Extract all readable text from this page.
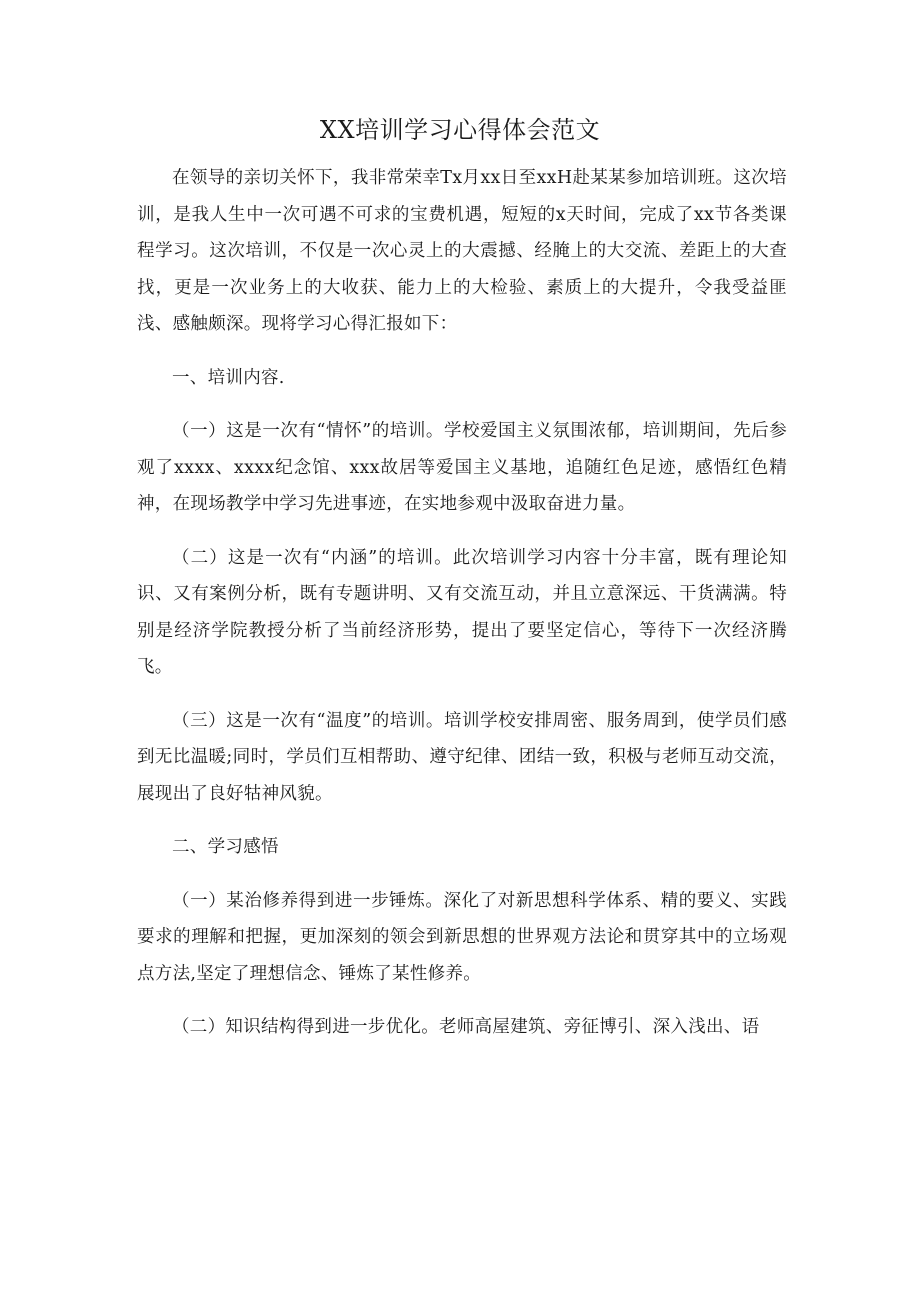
XX培训学习心得体会范文

在领导的亲切关怀下，我非常荣幸Tx月xx日至xxH赴某某参加培训班。这次培训，是我人生中一次可遇不可求的宝费机遇，短短的x天时间，完成了xx节各类课程学习。这次培训，不仅是一次心灵上的大震撼、经腌上的大交流、差距上的大查找，更是一次业务上的大收获、能力上的大检验、素质上的大提升，令我受益匪浅、感触颇深。现将学习心得汇报如下：

一、培训内容.

（一）这是一次有“情怀”的培训。学校爱国主义氛围浓郁，培训期间，先后参观了xxxx、xxxx纪念馆、xxx故居等爱国主义基地，追随红色足迹，感悟红色精神，在现场教学中学习先进事迹，在实地参观中汲取奋进力量。

（二）这是一次有“内涵”的培训。此次培训学习内容十分丰富，既有理论知识、又有案例分析，既有专题讲明、又有交流互动，并且立意深远、干货满满。特别是经济学院教授分析了当前经济形势，提出了要坚定信心，等待下一次经济腾飞。

（三）这是一次有“温度”的培训。培训学校安排周密、服务周到，使学员们感到无比温暖;同时，学员们互相帮助、遵守纪律、团结一致，积极与老师互动交流，展现出了良好牯神风貌。

二、学习感悟

（一）某治修养得到进一步锤炼。深化了对新思想科学体系、精的要义、实践要求的理解和把握，更加深刻的领会到新思想的世界观方法论和贯穿其中的立场观点方法,坚定了理想信念、锤炼了某性修养。

（二）知识结构得到进一步优化。老师高屋建筑、旁征博引、深入浅出、语
